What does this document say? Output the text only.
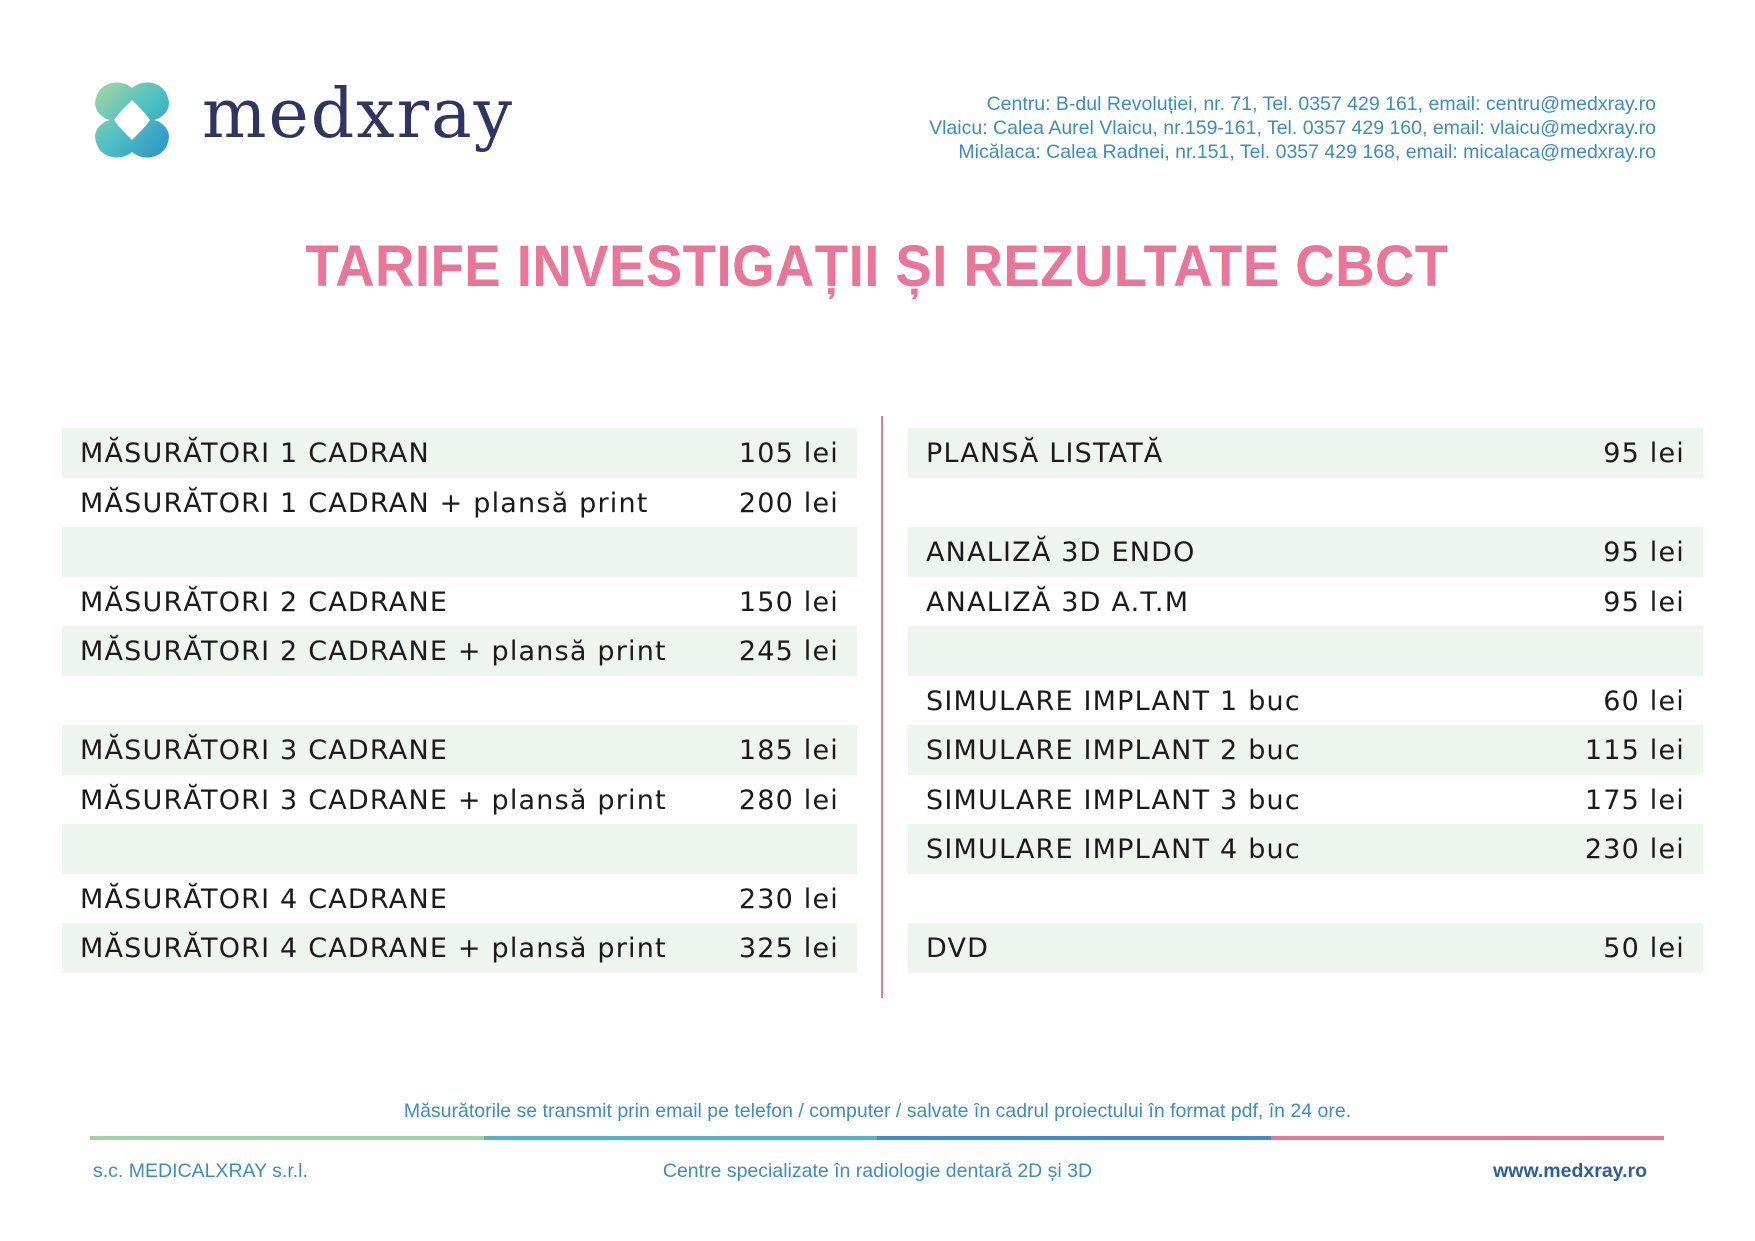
medxray	Centru: B-dul Revoluției, nr. 71, Tel. 0357 429 161, email: centru@medxray.ro
Vlaicu: Calea Aurel Vlaicu, nr.159-161, Tel. 0357 429 160, email: vlaicu@medxray.ro
Micălaca: Calea Radnei, nr.151, Tel. 0357 429 168, email: micalaca@medxray.ro
TARIFE INVESTIGAȚII ȘI REZULTATE CBCT
MĂSURĂTORI 1 CADRAN	105 lei
MĂSURĂTORI 1 CADRAN + plansă print	200 lei
MĂSURĂTORI 2 CADRANE	150 lei
MĂSURĂTORI 2 CADRANE + plansă print	245 lei
MĂSURĂTORI 3 CADRANE	185 lei
MĂSURĂTORI 3 CADRANE + plansă print	280 lei
MĂSURĂTORI 4 CADRANE	230 lei
MĂSURĂTORI 4 CADRANE + plansă print	325 lei
PLANSĂ LISTATĂ	95 lei
ANALIZĂ 3D ENDO	95 lei
ANALIZĂ 3D A.T.M	95 lei
SIMULARE IMPLANT 1 buc	60 lei
SIMULARE IMPLANT 2 buc	115 lei
SIMULARE IMPLANT 3 buc	175 lei
SIMULARE IMPLANT 4 buc	230 lei
DVD	50 lei
Măsurătorile se transmit prin email pe telefon / computer / salvate în cadrul proiectului în format pdf, în 24 ore.
s.c. MEDICALXRAY s.r.l.	Centre specializate în radiologie dentară 2D și 3D	www.medxray.ro
